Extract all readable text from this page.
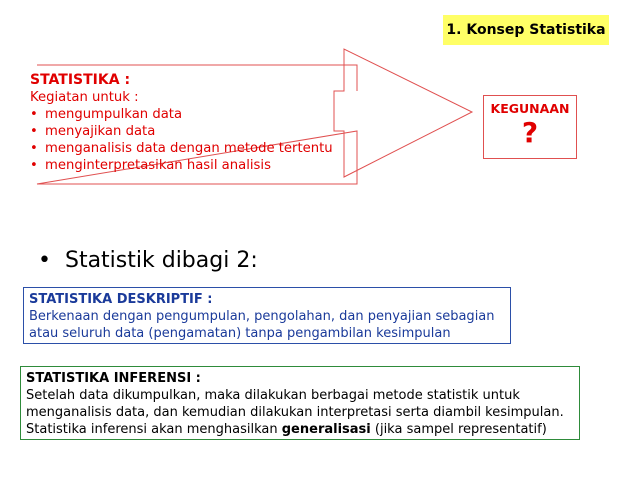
1. Konsep Statistika
STATISTIKA :
Kegiatan untuk :
• mengumpulkan data
• menyajikan data
• menganalisis data dengan metode tertentu
• menginterpretasikan hasil analisis
KEGUNAAN
?
• Statistik dibagi 2:
STATISTIKA DESKRIPTIF :
Berkenaan dengan pengumpulan, pengolahan, dan penyajian sebagian
atau seluruh data (pengamatan) tanpa pengambilan kesimpulan
STATISTIKA INFERENSI :
Setelah data dikumpulkan, maka dilakukan berbagai metode statistik untuk
menganalisis data, dan kemudian dilakukan interpretasi serta diambil kesimpulan.
Statistika inferensi akan menghasilkan generalisasi (jika sampel representatif)
